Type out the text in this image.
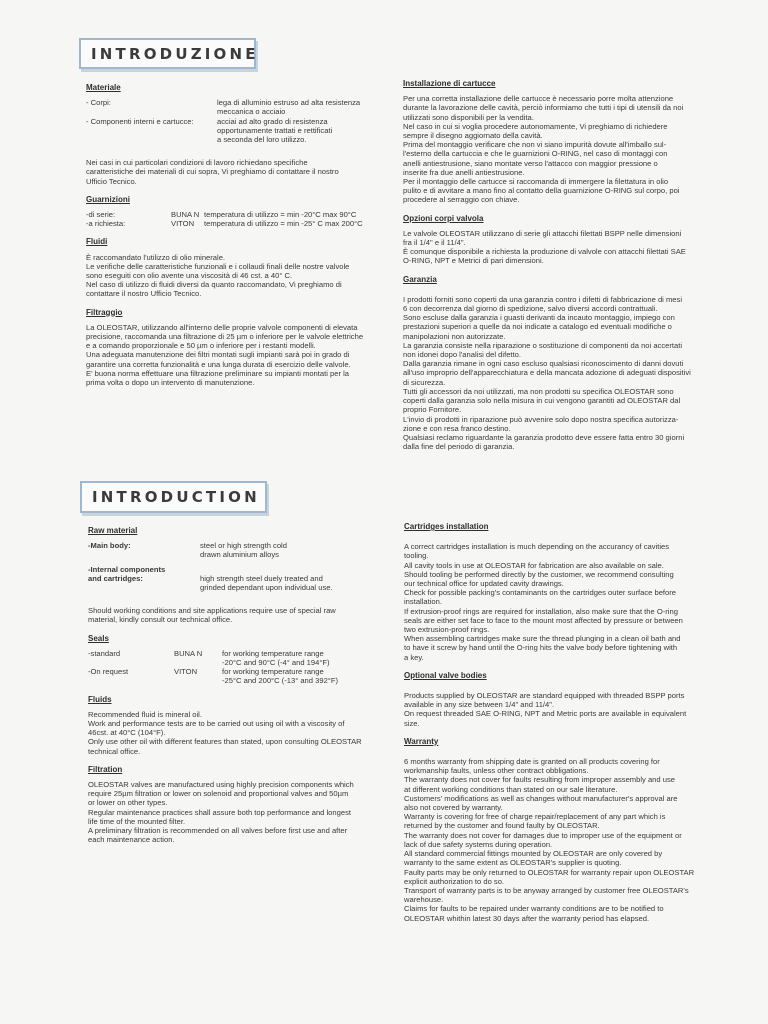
INTRODUZIONE
Materiale
- Corpi:	lega di alluminio estruso ad alta resistenza
meccanica o acciaio
- Componenti interni e cartucce:	acciai ad alto grado di resistenza
opportunamente trattati e rettificati
a seconda del loro utilizzo.
Nei casi in cui particolari condizioni di lavoro richiedano specifiche
caratteristiche dei materiali di cui sopra, Vi preghiamo di contattare il nostro
Ufficio Tecnico.
Guarnizioni
-di serie:	BUNA N temperatura di utilizzo = min -20°C max 90°C
-a richiesta:	VITON	temperatura di utilizzo = min -25° C max 200°C
Fluidi
È raccomandato l'utilizzo di olio minerale.
Le verifiche delle caratteristiche funzionali e i collaudi finali delle nostre valvole
sono eseguiti con olio avente una viscosità di 46 cst. a 40° C.
Nel caso di utilizzo di fluidi diversi da quanto raccomandato, Vi preghiamo di
contattare il nostro Ufficio Tecnico.
Filtraggio
La OLEOSTAR, utilizzando all'interno delle proprie valvole componenti di elevata
precisione, raccomanda una filtrazione di 25 µm o inferiore per le valvole elettriche
e a comando proporzionale e 50 µm o inferiore per i restanti modelli.
Una adeguata manutenzione dei filtri montati sugli impianti sarà poi in grado di
garantire una corretta funzionalità e una lunga durata di esercizio delle valvole.
E' buona norma effettuare una filtrazione preliminare su impianti montati per la
prima volta o dopo un intervento di manutenzione.
Installazione di cartucce
Per una corretta installazione delle cartucce è necessario porre molta attenzione
durante la lavorazione delle cavità, perciò informiamo che tutti i tipi di utensili da noi
utilizzati sono disponibili per la vendita.
Nel caso in cui si voglia procedere autonomamente, Vi preghiamo di richiedere
sempre il disegno aggiornato della cavità.
Prima del montaggio verificare che non vi siano impurità dovute all'imballo sul-
l'esterno della cartuccia e che le guarnizioni O-RING, nel caso di montaggi con
anelli antiestrusione, siano montate verso l'attacco con maggior pressione o
inserite fra due anelli antiestrusione.
Per il montaggio delle cartucce si raccomanda di immergere la filettatura in olio
pulito e di avvitare a mano fino al contatto della guarnizione O-RING sul corpo, poi
procedere al serraggio con chiave.
Opzioni corpi valvola
Le valvole OLEOSTAR utilizzano di serie gli attacchi filettati BSPP nelle dimensioni
fra il 1/4" e il 11/4".
È comunque disponibile a richiesta la produzione di valvole con attacchi filettati SAE
O-RING, NPT e Metrici di pari dimensioni.
Garanzia
I prodotti forniti sono coperti da una garanzia contro i difetti di fabbricazione di mesi
6 con decorrenza dal giorno di spedizione, salvo diversi accordi contrattuali.
Sono escluse dalla garanzia i guasti derivanti da incauto montaggio, impiego con
prestazioni superiori a quelle da noi indicate a catalogo ed eventuali modifiche o
manipolazioni non autorizzate.
La garanzia consiste nella riparazione o sostituzione di componenti da noi accertati
non idonei dopo l'analisi del difetto.
Dalla garanzia rimane in ogni caso escluso qualsiasi riconoscimento di danni dovuti
all'uso improprio dell'apparecchiatura e della mancata adozione di adeguati dispositivi
di sicurezza.
Tutti gli accessori da noi utilizzati, ma non prodotti su specifica OLEOSTAR sono
coperti dalla garanzia solo nella misura in cui vengono garantiti ad OLEOSTAR dal
proprio Fornitore.
L'invio di prodotti in riparazione può avvenire solo dopo nostra specifica autorizza-
zione e con resa franco destino.
Qualsiasi reclamo riguardante la garanzia prodotto deve essere fatta entro 30 giorni
dalla fine del periodo di garanzia.
INTRODUCTION
Raw material
-Main body:	steel or high strength cold
drawn aluminium alloys
-Internal components
and cartridges:
	high strength steel duely treated and
grinded dependant upon individual use.
Should working conditions and site applications require use of special raw
material, kindly consult our technical office.
Seals
-standard	BUNA N	for working temperature range
-20°C and 90°C (-4° and 194°F)
-On request	VITON	for working temperature range
-25°C and 200°C (-13° and 392°F)
Fluids
Recommended fluid is mineral oil.
Work and performance tests are to be carried out using oil with a viscosity of
46cst. at 40°C (104°F).
Only use other oil with different features than stated, upon consulting OLEOSTAR
technical office.
Filtration
OLEOSTAR valves are manufactured using highly precision components which
require 25µm filtration or lower on solenoid and proportional valves and 50µm
or lower on other types.
Regular maintenance practices shall assure both top performance and longest
life time of the mounted filter.
A preliminary filtration is recommended on all valves before first use and after
each maintenance action.
Cartridges installation
A correct cartridges installation is much depending on the accurancy of cavities
tooling.
All cavity tools in use at OLEOSTAR for fabrication are also available on sale.
Should tooling be performed directly by the customer, we recommend consulting
our technical office for updated cavity drawings.
Check for possible packing's contaminants on the cartridges outer surface before
installation.
If extrusion-proof rings are required for installation, also make sure that the O-ring
seals are either set face to face to the mount most affected by pressure or between
two extrusion-proof rings.
When assembling cartridges make sure the thread plunging in a clean oil bath and
to have it screw by hand until the O-ring hits the valve body before tightening with
a key.
Optional valve bodies
Products supplied by OLEOSTAR are standard equipped with threaded BSPP ports
available in any size between 1/4" and 11/4".
On request threaded SAE O-RING, NPT and Metric ports are available in equivalent
size.
Warranty
6 months warranty from shipping date is granted on all products covering for
workmanship faults, unless other contract obbligations.
The warranty does not cover for faults resulting from improper assembly and use
at different working conditions than stated on our sale literature.
Customers' modifications as well as changes without manufacturer's approval are
also not covered by warranty.
Warranty is covering for free of charge repair/replacement of any part which is
returned by the customer and found faulty by OLEOSTAR.
The warranty does not cover for damages due to improper use of the equipment or
lack of due safety systems during operation.
All standard commercial fittings mounted by OLEOSTAR are only covered by
warranty to the same extent as OLEOSTAR's supplier is quoting.
Faulty parts may be only returned to OLEOSTAR for warranty repair upon OLEOSTAR
explicit authorization to do so.
Transport of warranty parts is to be anyway arranged by customer free OLEOSTAR's
warehouse.
Claims for faults to be repaired under warranty conditions are to be notified to
OLEOSTAR whithin latest 30 days after the warranty period has elapsed.
